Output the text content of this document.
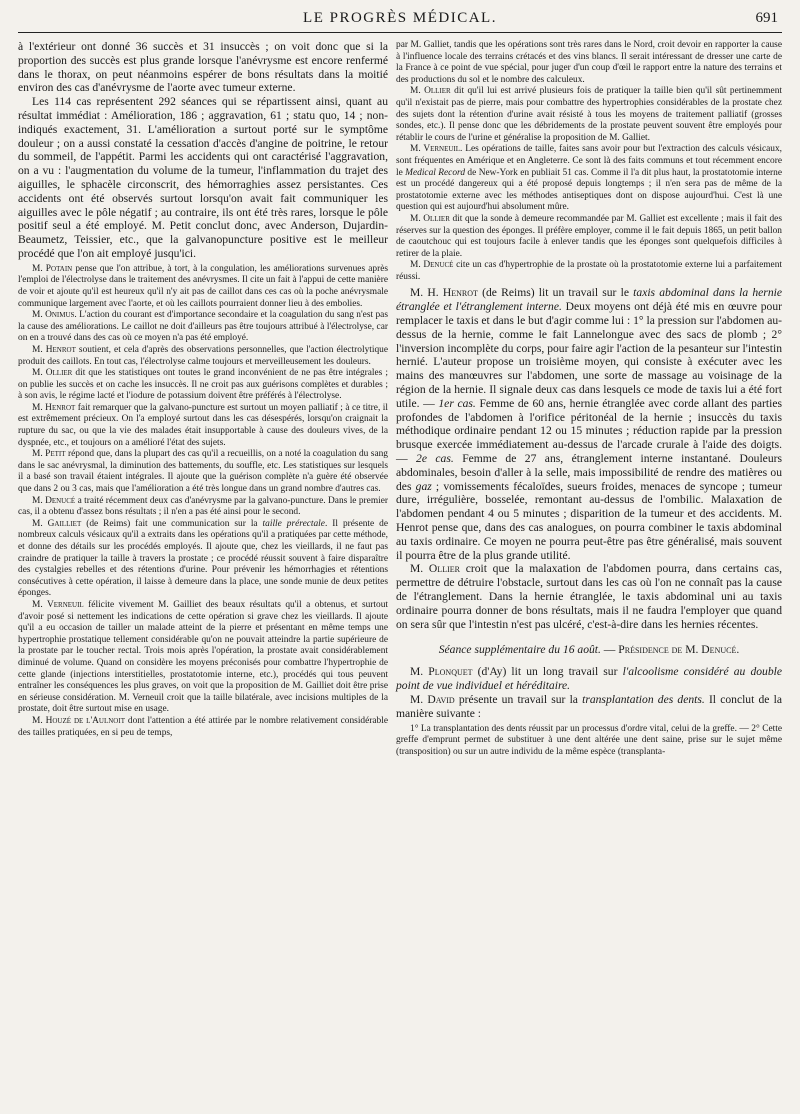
LE PROGRÈS MÉDICAL.	691

à l'extérieur ont donné 36 succès et 31 insuccès ; on voit donc que si la proportion des succès est plus grande lorsque l'anévrysme est encore renfermé dans le thorax, on peut néanmoins espérer de bons résultats dans la moitié environ des cas d'anévrysme de l'aorte avec tumeur externe.

Les 114 cas représentent 292 séances qui se répartissent ainsi, quant au résultat immédiat : Amélioration, 186 ; aggravation, 61 ; statu quo, 14 ; non-indiqués exactement, 31. L'amélioration a surtout porté sur le symptôme douleur ; on a aussi constaté la cessation d'accès d'angine de poitrine, le retour du sommeil, de l'appétit. Parmi les accidents qui ont caractérisé l'aggravation, on a vu : l'augmentation du volume de la tumeur, l'inflammation du trajet des aiguilles, le sphacèle circonscrit, des hémorraghies assez persistantes. Ces accidents ont été observés surtout lorsqu'on avait fait communiquer les aiguilles avec le pôle négatif ; au contraire, ils ont été très rares, lorsque le pôle positif seul a été employé. M. Petit conclut donc, avec Anderson, Dujardin-Beaumetz, Teissier, etc., que la galvanopuncture positive est le meilleur procédé que l'on ait employé jusqu'ici.

M. Potain pense que l'on attribue, à tort, à la congulation, les améliorations survenues après l'emploi de l'électrolyse dans le traitement des anévrysmes. Il cite un fait à l'appui de cette manière de voir et ajoute qu'il est heureux qu'il n'y ait pas de caillot dans ces cas où la poche anévrysmale communique largement avec l'aorte, et où les caillots pourraient donner lieu à des embolies.

M. Onimus. L'action du courant est d'importance secondaire et la coagulation du sang n'est pas la cause des améliorations. Le caillot ne doit d'ailleurs pas être toujours attribué à l'électrolyse, car on en a trouvé dans des cas où ce moyen n'a pas été employé.

M. Henrot soutient, et cela d'après des observations personnelles, que l'action électrolytique produit des caillots. En tout cas, l'électrolyse calme toujours et merveilleusement les douleurs.

M. Ollier dit que les statistiques ont toutes le grand inconvénient de ne pas être intégrales ; on publie les succès et on cache les insuccès. Il ne croit pas aux guérisons complètes et durables ; à son avis, le régime lacté et l'iodure de potassium doivent être préférés à l'électrolyse.

M. Henrot fait remarquer que la galvano-puncture est surtout un moyen palliatif ; à ce titre, il est extrêmement précieux. On l'a employé surtout dans les cas désespérés, lorsqu'on craignait la rupture du sac, ou que la vie des malades était insupportable à cause des douleurs vives, de la dyspnée, etc., et toujours on a amélioré l'état des sujets.

M. Petit répond que, dans la plupart des cas qu'il a recueillis, on a noté la coagulation du sang dans le sac anévrysmal, la diminution des battements, du souffle, etc. Les statistiques sur lesquels il a basé son travail étaient intégrales. Il ajoute que la guérison complète n'a guère été observée que dans 2 ou 3 cas, mais que l'amélioration a été très longue dans un grand nombre d'autres cas.

M. Denucé a traité récemment deux cas d'anévrysme par la galvano-puncture. Dans le premier cas, il a obtenu d'assez bons résultats ; il n'en a pas été ainsi pour le second.

M. Gailliet (de Reims) fait une communication sur la taille prérectale. Il présente de nombreux calculs vésicaux qu'il a extraits dans les opérations qu'il a pratiquées par cette méthode, et donne des détails sur les procédés employés. Il ajoute que, chez les vieillards, il ne faut pas craindre de pratiquer la taille à travers la prostate ; ce procédé réussit souvent à faire disparaître des cystalgies rebelles et des rétentions d'urine. Pour prévenir les hémorrhagies et rétentions consécutives à cette opération, il laisse à demeure dans la place, une sonde munie de deux petites éponges.

M. Verneuil félicite vivement M. Gailliet des beaux résultats qu'il a obtenus, et surtout d'avoir posé si nettement les indications de cette opération si grave chez les vieillards. Il ajoute qu'il a eu occasion de tailler un malade atteint de la pierre et présentant en même temps une hypertrophie prostatique tellement considérable qu'on ne pouvait atteindre la partie supérieure de la prostate par le toucher rectal. Trois mois après l'opération, la prostate avait considérablement diminué de volume. Quand on considère les moyens préconisés pour combattre l'hypertrophie de cette glande (injections interstitielles, prostatotomie interne, etc.), procédés qui tous peuvent entraîner les conséquences les plus graves, on voit que la proposition de M. Gailliet doit être prise en sérieuse considération. M. Verneuil croit que la taille bilatérale, avec incisions multiples de la prostate, doit être surtout mise en usage.

M. Houzé de l'Aulnoit dont l'attention a été attirée par le nombre relativement considérable des tailles pratiquées, en si peu de temps,

par M. Galliet, tandis que les opérations sont très rares dans le Nord, croit devoir en rapporter la cause à l'influence locale des terrains crétacés et des vins blancs. Il serait intéressant de dresser une carte de la France à ce point de vue spécial, pour juger d'un coup d'œil le rapport entre la nature des terrains et des productions du sol et le nombre des calculeux.

M. Ollier dit qu'il lui est arrivé plusieurs fois de pratiquer la taille bien qu'il sût pertinemment qu'il n'existait pas de pierre, mais pour combattre des hypertrophies considérables de la prostate chez des sujets dont la rétention d'urine avait résisté à tous les moyens de traitement palliatif (grosses sondes, etc.). Il pense donc que les débridements de la prostate peuvent souvent être employés pour rétablir le cours de l'urine et généralise la proposition de M. Galliet.

M. Verneuil. Les opérations de taille, faites sans avoir pour but l'extraction des calculs vésicaux, sont fréquentes en Amérique et en Angleterre. Ce sont là des faits communs et tout récemment encore le Medical Record de New-York en publiait 51 cas. Comme il l'a dit plus haut, la prostatotomie interne est un procédé dangereux qui a été proposé depuis longtemps ; il n'en sera pas de même de la prostatotomie externe avec les méthodes antiseptiques dont on dispose aujourd'hui. C'est là une question qui est aujourd'hui absolument mûre.

M. Ollier dit que la sonde à demeure recommandée par M. Galliet est excellente ; mais il fait des réserves sur la question des éponges. Il préfère employer, comme il le fait depuis 1865, un petit ballon de caoutchouc qui est toujours facile à enlever tandis que les éponges sont quelquefois difficiles à retirer de la plaie.

M. Denucé cite un cas d'hypertrophie de la prostate où la prostatotomie externe lui a parfaitement réussi.

M. H. Henrot (de Reims) lit un travail sur le taxis abdominal dans la hernie étranglée et l'étranglement interne. Deux moyens ont déjà été mis en œuvre pour remplacer le taxis et dans le but d'agir comme lui : 1° la pression sur l'abdomen au-dessus de la hernie, comme le fait Lannelongue avec des sacs de plomb ; 2° l'inversion incomplète du corps, pour faire agir l'action de la pesanteur sur l'intestin hernié. L'auteur propose un troisième moyen, qui consiste à exécuter avec les mains des manœuvres sur l'abdomen, une sorte de massage au voisinage de la région de la hernie. Il signale deux cas dans lesquels ce mode de taxis lui a été fort utile. — 1er cas. Femme de 60 ans, hernie étranglée avec corde allant des parties profondes de l'abdomen à l'orifice péritonéal de la hernie ; insuccès du taxis méthodique ordinaire pendant 12 ou 15 minutes ; réduction rapide par la pression brusque exercée immédiatement au-dessus de l'arcade crurale à l'aide des doigts. — 2e cas. Femme de 27 ans, étranglement interne instantané. Douleurs abdominales, besoin d'aller à la selle, mais impossibilité de rendre des matières ou des gaz ; vomissements fécaloïdes, sueurs froides, menaces de syncope ; tumeur dure, irrégulière, bosselée, remontant au-dessus de l'ombilic. Malaxation de l'abdomen pendant 4 ou 5 minutes ; disparition de la tumeur et des accidents. M. Henrot pense que, dans des cas analogues, on pourra combiner le taxis abdominal au taxis ordinaire. Ce moyen ne pourra peut-être pas être généralisé, mais souvent il pourra être de la plus grande utilité.

M. Ollier croit que la malaxation de l'abdomen pourra, dans certains cas, permettre de détruire l'obstacle, surtout dans les cas où l'on ne connaît pas la cause de l'étranglement. Dans la hernie étranglée, le taxis abdominal uni au taxis ordinaire pourra donner de bons résultats, mais il ne faudra l'employer que quand on sera sûr que l'intestin n'est pas ulcéré, c'est-à-dire dans les hernies récentes.

Séance supplémentaire du 16 août. — Présidence de M. Denucé.

M. Plonquet (d'Ay) lit un long travail sur l'alcoolisme considéré au double point de vue individuel et héréditaire.

M. David présente un travail sur la transplantation des dents. Il conclut de la manière suivante :

1° La transplantation des dents réussit par un processus d'ordre vital, celui de la greffe. — 2° Cette greffe d'emprunt permet de substituer à une dent altérée une dent saine, prise sur le sujet même (transposition) ou sur un autre individu de la même espèce (transplanta-
